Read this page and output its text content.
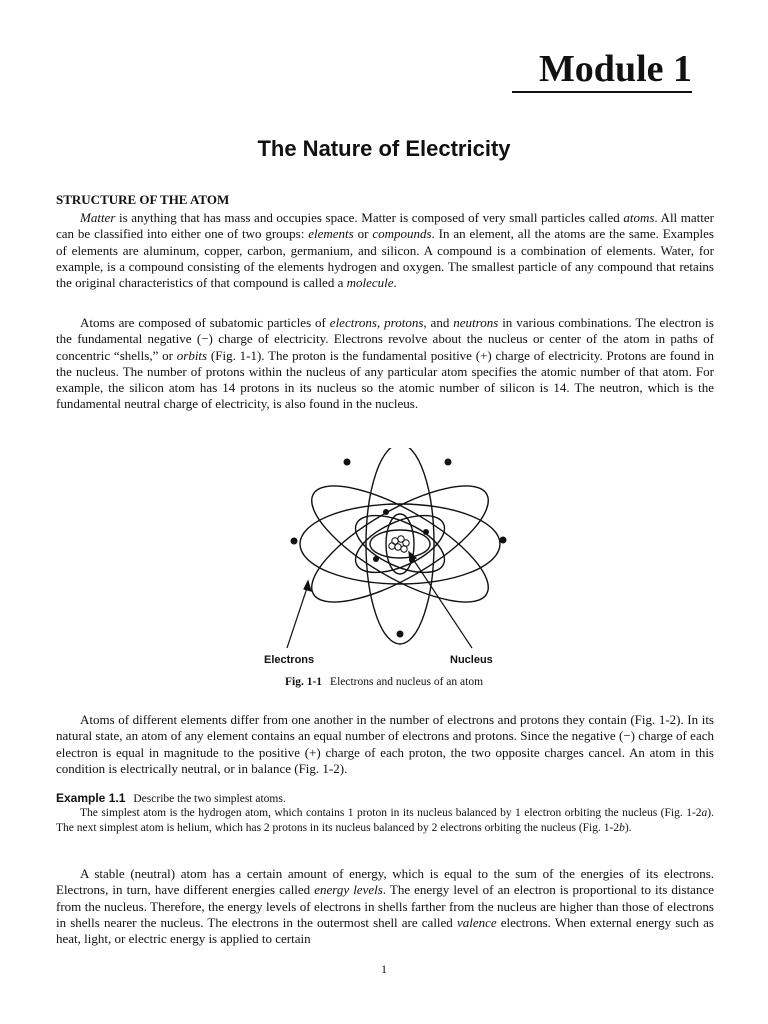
Module 1
The Nature of Electricity
STRUCTURE OF THE ATOM

Matter is anything that has mass and occupies space. Matter is composed of very small particles called atoms. All matter can be classified into either one of two groups: elements or compounds. In an element, all the atoms are the same. Examples of elements are aluminum, copper, carbon, germanium, and silicon. A compound is a combination of elements. Water, for example, is a compound consisting of the elements hydrogen and oxygen. The smallest particle of any compound that retains the original characteristics of that compound is called a molecule.

Atoms are composed of subatomic particles of electrons, protons, and neutrons in various combinations. The electron is the fundamental negative (−) charge of electricity. Electrons revolve about the nucleus or center of the atom in paths of concentric “shells,” or orbits (Fig. 1-1). The proton is the fundamental positive (+) charge of electricity. Protons are found in the nucleus. The number of protons within the nucleus of any particular atom specifies the atomic number of that atom. For example, the silicon atom has 14 protons in its nucleus so the atomic number of silicon is 14. The neutron, which is the fundamental neutral charge of electricity, is also found in the nucleus.

Electrons	Nucleus
Fig. 1-1 Electrons and nucleus of an atom

Atoms of different elements differ from one another in the number of electrons and protons they contain (Fig. 1-2). In its natural state, an atom of any element contains an equal number of electrons and protons. Since the negative (−) charge of each electron is equal in magnitude to the positive (+) charge of each proton, the two opposite charges cancel. An atom in this condition is electrically neutral, or in balance (Fig. 1-2).

Example 1.1 Describe the two simplest atoms.

The simplest atom is the hydrogen atom, which contains 1 proton in its nucleus balanced by 1 electron orbiting the nucleus (Fig. 1-2a). The next simplest atom is helium, which has 2 protons in its nucleus balanced by 2 electrons orbiting the nucleus (Fig. 1-2b).

A stable (neutral) atom has a certain amount of energy, which is equal to the sum of the energies of its electrons. Electrons, in turn, have different energies called energy levels. The energy level of an electron is proportional to its distance from the nucleus. Therefore, the energy levels of electrons in shells farther from the nucleus are higher than those of electrons in shells nearer the nucleus. The electrons in the outermost shell are called valence electrons. When external energy such as heat, light, or electric energy is applied to certain

1
